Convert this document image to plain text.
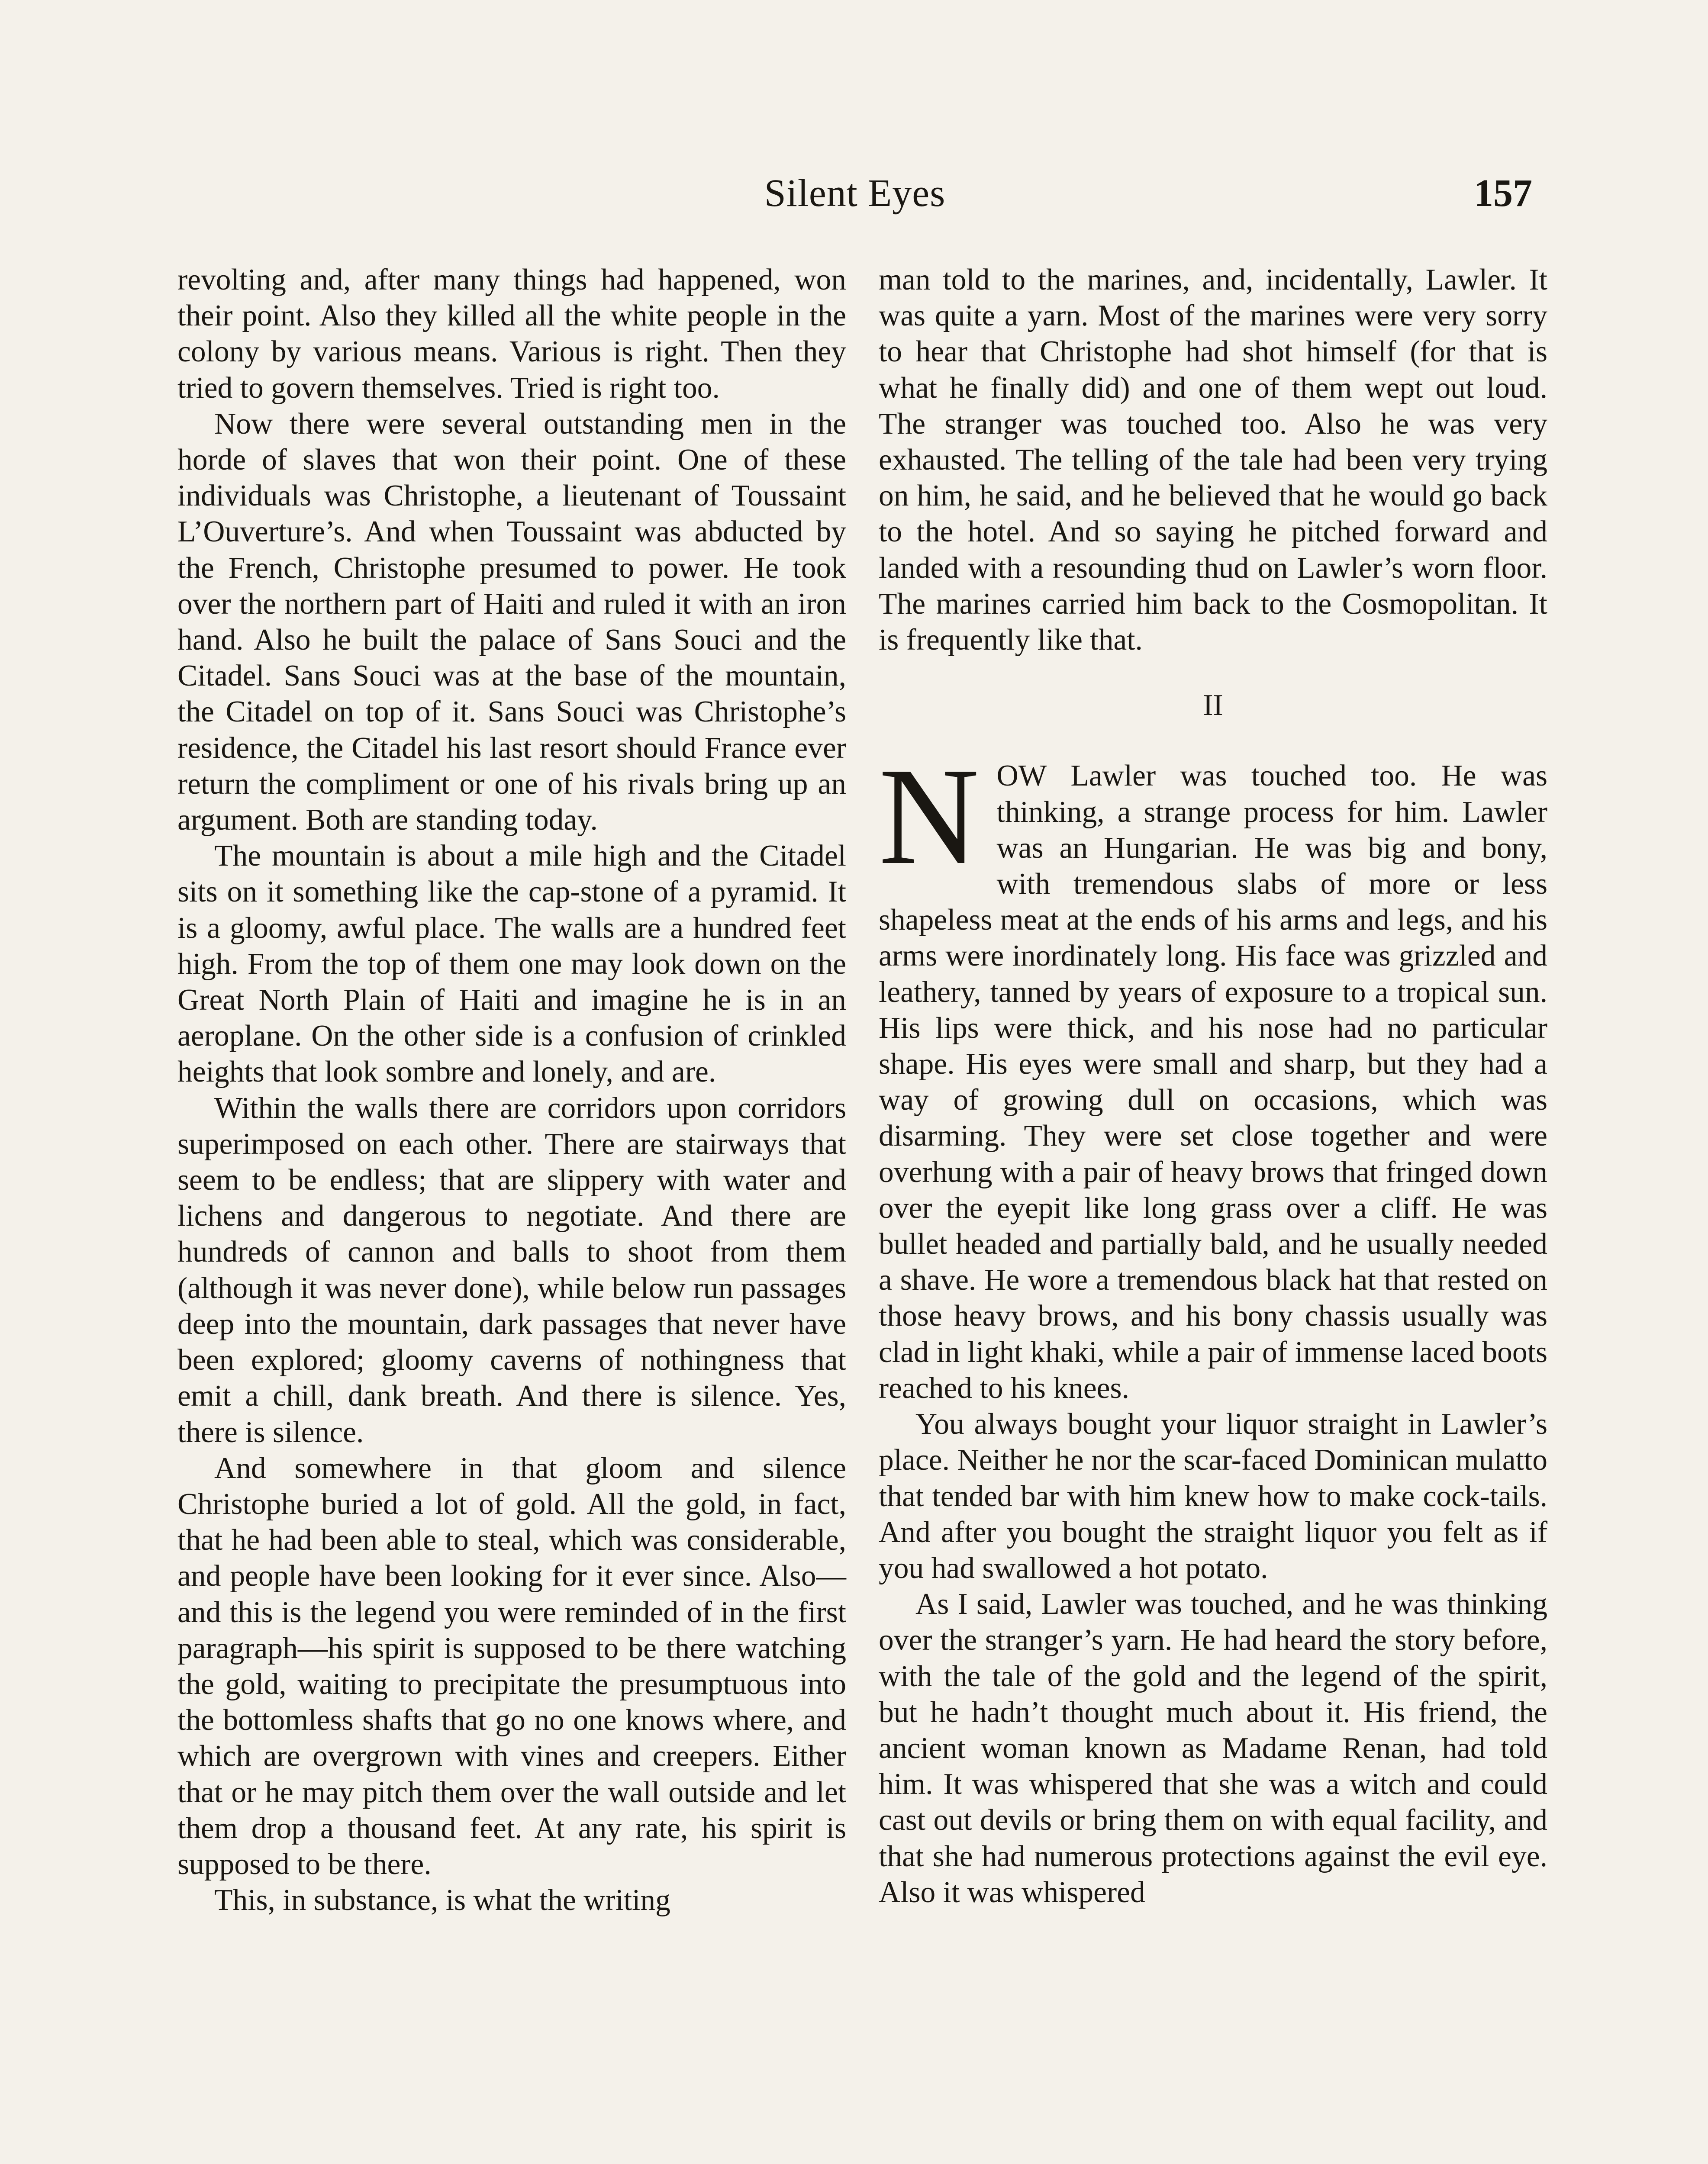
Silent Eyes	157

revolting and, after many things had happened, won their point. Also they killed all the white people in the colony by various means. Various is right. Then they tried to govern themselves. Tried is right too.

Now there were several outstanding men in the horde of slaves that won their point. One of these individuals was Christophe, a lieutenant of Toussaint L’Ouverture’s. And when Toussaint was abducted by the French, Christophe presumed to power. He took over the northern part of Haiti and ruled it with an iron hand. Also he built the palace of Sans Souci and the Citadel. Sans Souci was at the base of the mountain, the Citadel on top of it. Sans Souci was Christophe’s residence, the Citadel his last resort should France ever return the compliment or one of his rivals bring up an argument. Both are standing today.

The mountain is about a mile high and the Citadel sits on it something like the cap-stone of a pyramid. It is a gloomy, awful place. The walls are a hundred feet high. From the top of them one may look down on the Great North Plain of Haiti and imagine he is in an aeroplane. On the other side is a confusion of crinkled heights that look sombre and lonely, and are.

Within the walls there are corridors upon corridors superimposed on each other. There are stairways that seem to be endless; that are slippery with water and lichens and dangerous to negotiate. And there are hundreds of cannon and balls to shoot from them (although it was never done), while below run passages deep into the mountain, dark passages that never have been explored; gloomy caverns of nothingness that emit a chill, dank breath. And there is silence. Yes, there is silence.

And somewhere in that gloom and silence Christophe buried a lot of gold. All the gold, in fact, that he had been able to steal, which was considerable, and people have been looking for it ever since. Also—and this is the legend you were reminded of in the first paragraph—his spirit is supposed to be there watching the gold, waiting to precipitate the presumptuous into the bottomless shafts that go no one knows where, and which are overgrown with vines and creepers. Either that or he may pitch them over the wall outside and let them drop a thousand feet. At any rate, his spirit is supposed to be there.

This, in substance, is what the writing

man told to the marines, and, incidentally, Lawler. It was quite a yarn. Most of the marines were very sorry to hear that Christophe had shot himself (for that is what he finally did) and one of them wept out loud. The stranger was touched too. Also he was very exhausted. The telling of the tale had been very trying on him, he said, and he believed that he would go back to the hotel. And so saying he pitched forward and landed with a resounding thud on Lawler’s worn floor. The marines carried him back to the Cosmopolitan. It is frequently like that.

II

NOW Lawler was touched too. He was thinking, a strange process for him. Lawler was an Hungarian. He was big and bony, with tremendous slabs of more or less shapeless meat at the ends of his arms and legs, and his arms were inordinately long. His face was grizzled and leathery, tanned by years of exposure to a tropical sun. His lips were thick, and his nose had no particular shape. His eyes were small and sharp, but they had a way of growing dull on occasions, which was disarming. They were set close together and were overhung with a pair of heavy brows that fringed down over the eyepit like long grass over a cliff. He was bullet headed and partially bald, and he usually needed a shave. He wore a tremendous black hat that rested on those heavy brows, and his bony chassis usually was clad in light khaki, while a pair of immense laced boots reached to his knees.

You always bought your liquor straight in Lawler’s place. Neither he nor the scar-faced Dominican mulatto that tended bar with him knew how to make cock-tails. And after you bought the straight liquor you felt as if you had swallowed a hot potato.

As I said, Lawler was touched, and he was thinking over the stranger’s yarn. He had heard the story before, with the tale of the gold and the legend of the spirit, but he hadn’t thought much about it. His friend, the ancient woman known as Madame Renan, had told him. It was whispered that she was a witch and could cast out devils or bring them on with equal facility, and that she had numerous protections against the evil eye. Also it was whispered
